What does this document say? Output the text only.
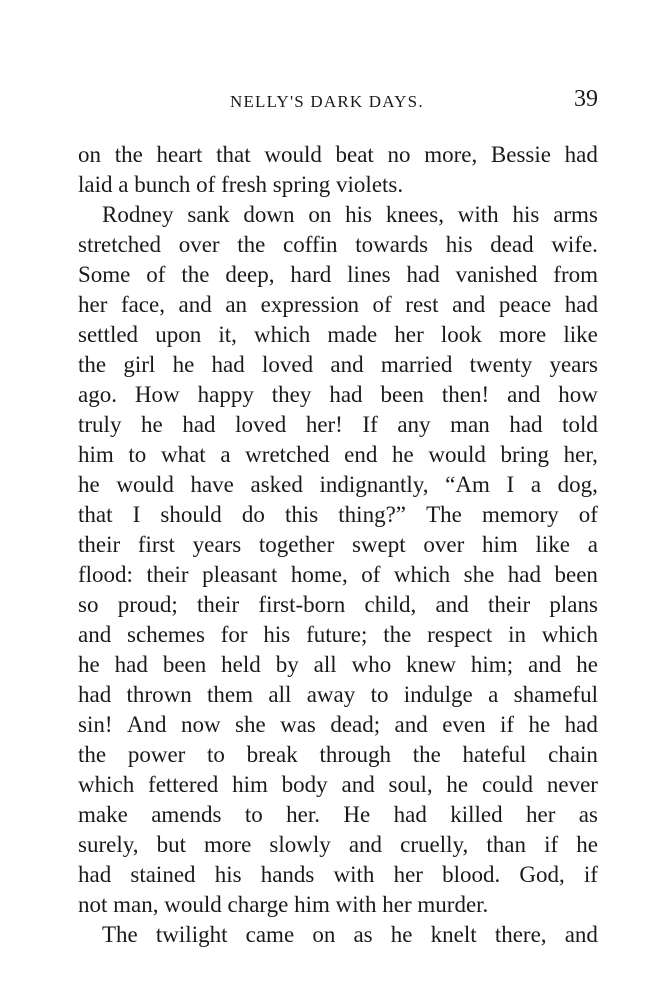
NELLY'S DARK DAYS.	39
on the heart that would beat no more, Bessie had
laid a bunch of fresh spring violets.
Rodney sank down on his knees, with his arms
stretched over the coffin towards his dead wife.
Some of the deep, hard lines had vanished from
her face, and an expression of rest and peace had
settled upon it, which made her look more like
the girl he had loved and married twenty years
ago. How happy they had been then! and how
truly he had loved her! If any man had told
him to what a wretched end he would bring her,
he would have asked indignantly, “Am I a dog,
that I should do this thing?” The memory of
their first years together swept over him like a
flood: their pleasant home, of which she had been
so proud; their first-born child, and their plans
and schemes for his future; the respect in which
he had been held by all who knew him; and he
had thrown them all away to indulge a shameful
sin! And now she was dead; and even if he had
the power to break through the hateful chain
which fettered him body and soul, he could never
make amends to her. He had killed her as
surely, but more slowly and cruelly, than if he
had stained his hands with her blood. God, if
not man, would charge him with her murder.
The twilight came on as he knelt there, and
